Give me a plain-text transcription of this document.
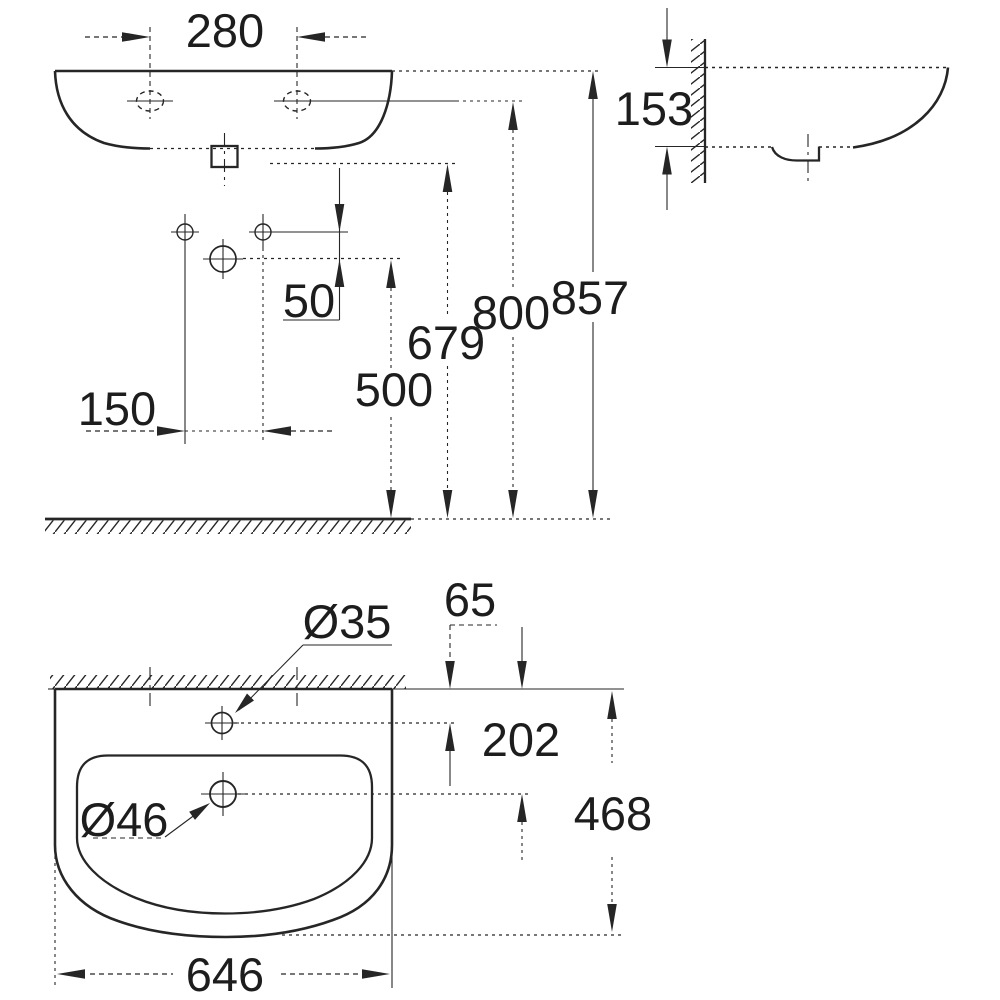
280
50
150	500
679
800 857
153
Ø35
Ø46
65
202
468
646
